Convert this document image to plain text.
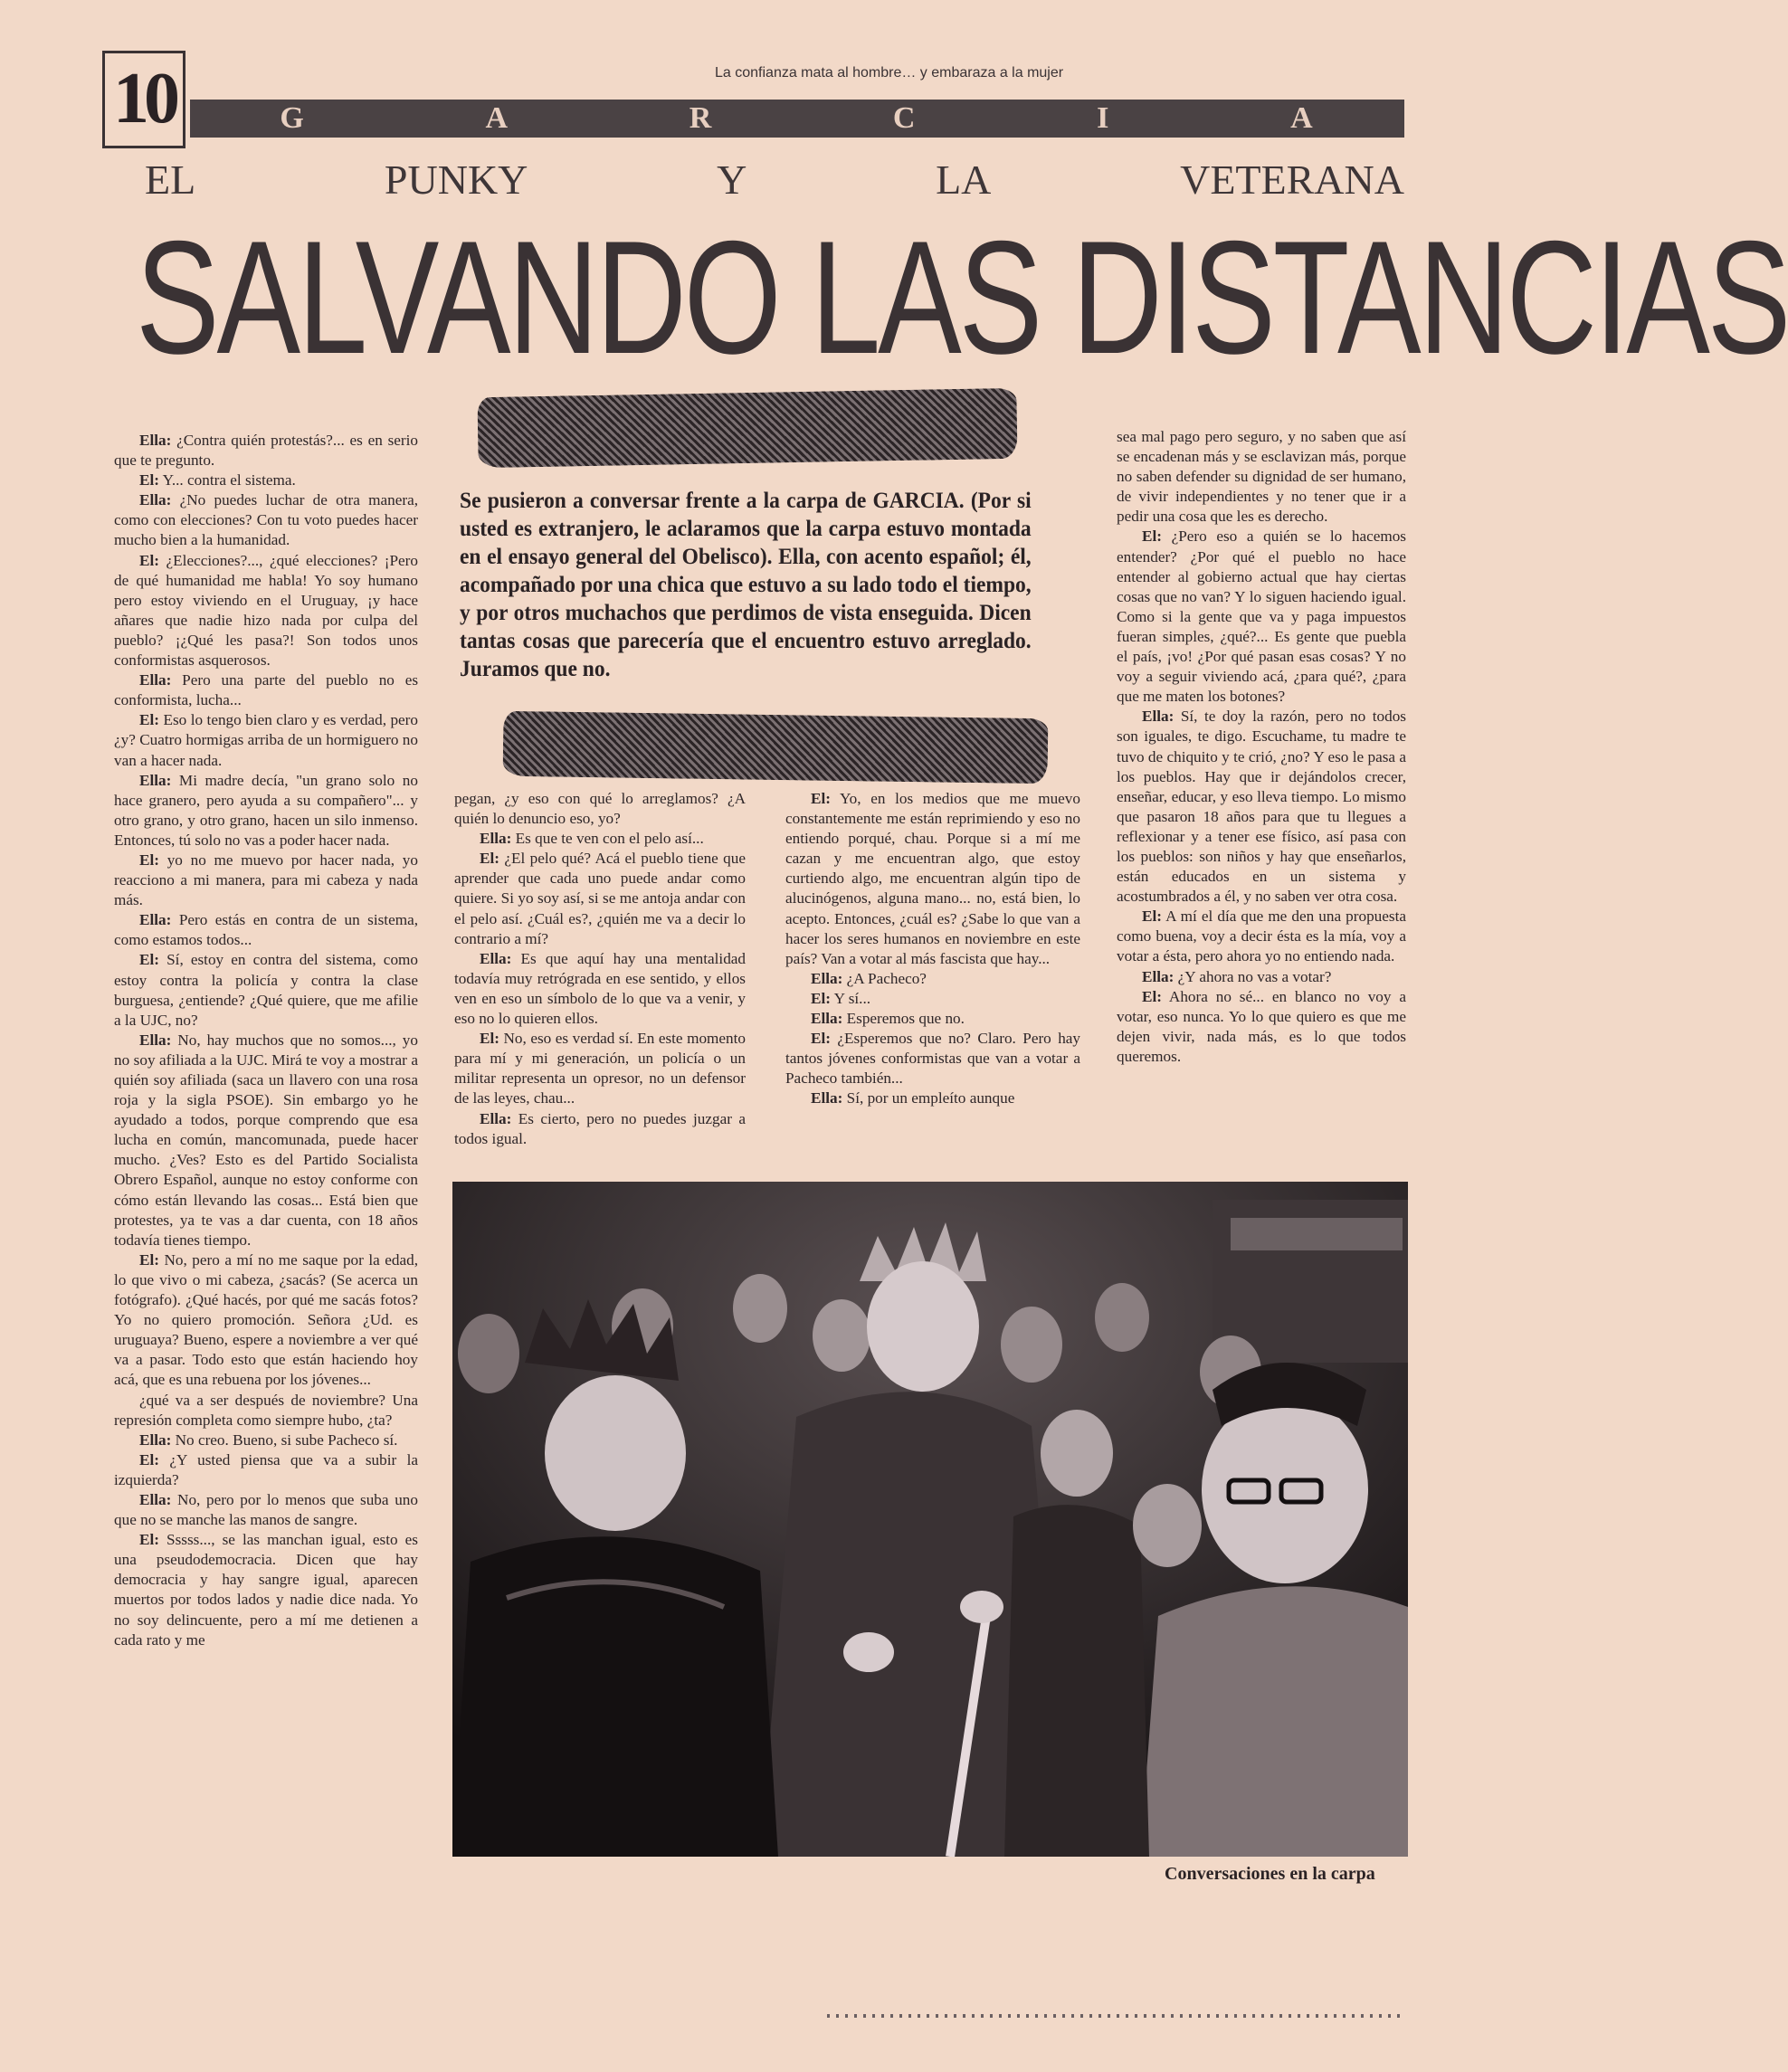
10	La confianza mata al hombre… y embaraza a la mujer
G	A	R	C	I	A
EL	PUNKY	Y	LA	VETERANA
SALVANDO LAS DISTANCIAS
Se pusieron a conversar frente a la carpa de GARCIA. (Por si usted es extranjero, le aclaramos que la carpa estuvo montada en el ensayo general del Obelisco). Ella, con acento español; él, acompañado por una chica que estuvo a su lado todo el tiempo, y por otros muchachos que perdimos de vista enseguida. Dicen tantas cosas que parecería que el encuentro estuvo arreglado. Juramos que no.

Ella: ¿Contra quién protestás?... es en serio que te pregunto.

El: Y... contra el sistema.

Ella: ¿No puedes luchar de otra manera, como con elecciones? Con tu voto puedes hacer mucho bien a la humanidad.

El: ¿Elecciones?..., ¿qué elecciones? ¡Pero de qué humanidad me habla! Yo soy humano pero estoy viviendo en el Uruguay, ¡y hace añares que nadie hizo nada por culpa del pueblo? ¡¿Qué les pasa?! Son todos unos conformistas asquerosos.

Ella: Pero una parte del pueblo no es conformista, lucha...

El: Eso lo tengo bien claro y es verdad, pero ¿y? Cuatro hormigas arriba de un hormiguero no van a hacer nada.

Ella: Mi madre decía, "un grano solo no hace granero, pero ayuda a su compañero"... y otro grano, y otro grano, hacen un silo inmenso. Entonces, tú solo no vas a poder hacer nada.

El: yo no me muevo por hacer nada, yo reacciono a mi manera, para mi cabeza y nada más.

Ella: Pero estás en contra de un sistema, como estamos todos...

El: Sí, estoy en contra del sistema, como estoy contra la policía y contra la clase burguesa, ¿entiende? ¿Qué quiere, que me afilie a la UJC, no?

Ella: No, hay muchos que no somos..., yo no soy afiliada a la UJC. Mirá te voy a mostrar a quién soy afiliada (saca un llavero con una rosa roja y la sigla PSOE). Sin embargo yo he ayudado a todos, porque comprendo que esa lucha en común, mancomunada, puede hacer mucho. ¿Ves? Esto es del Partido Socialista Obrero Español, aunque no estoy conforme con cómo están llevando las cosas... Está bien que protestes, ya te vas a dar cuenta, con 18 años todavía tienes tiempo.

El: No, pero a mí no me saque por la edad, lo que vivo o mi cabeza, ¿sacás? (Se acerca un fotógrafo). ¿Qué hacés, por qué me sacás fotos? Yo no quiero promoción. Señora ¿Ud. es uruguaya? Bueno, espere a noviembre a ver qué va a pasar. Todo esto que están haciendo hoy acá, que es una rebuena por los jóvenes...

¿qué va a ser después de noviembre? Una represión completa como siempre hubo, ¿ta?

Ella: No creo. Bueno, si sube Pacheco sí.

El: ¿Y usted piensa que va a subir la izquierda?

Ella: No, pero por lo menos que suba uno que no se manche las manos de sangre.

El: Sssss..., se las manchan igual, esto es una pseudodemocracia. Dicen que hay democracia y hay sangre igual, aparecen muertos por todos lados y nadie dice nada. Yo no soy delincuente, pero a mí me detienen a cada rato y me

pegan, ¿y eso con qué lo arreglamos? ¿A quién lo denuncio eso, yo?

Ella: Es que te ven con el pelo así...

El: ¿El pelo qué? Acá el pueblo tiene que aprender que cada uno puede andar como quiere. Si yo soy así, si se me antoja andar con el pelo así. ¿Cuál es?, ¿quién me va a decir lo contrario a mí?

Ella: Es que aquí hay una mentalidad todavía muy retrógrada en ese sentido, y ellos ven en eso un símbolo de lo que va a venir, y eso no lo quieren ellos.

El: No, eso es verdad sí. En este momento para mí y mi generación, un policía o un militar representa un opresor, no un defensor de las leyes, chau...

Ella: Es cierto, pero no puedes juzgar a todos igual.

El: Yo, en los medios que me muevo constantemente me están reprimiendo y eso no entiendo porqué, chau. Porque si a mí me cazan y me encuentran algo, que estoy curtiendo algo, me encuentran algún tipo de alucinógenos, alguna mano... no, está bien, lo acepto. Entonces, ¿cuál es? ¿Sabe lo que van a hacer los seres humanos en noviembre en este país? Van a votar al más fascista que hay...

Ella: ¿A Pacheco?

El: Y sí...

Ella: Esperemos que no.

El: ¿Esperemos que no? Claro. Pero hay tantos jóvenes conformistas que van a votar a Pacheco también...

Ella: Sí, por un empleíto aunque

sea mal pago pero seguro, y no saben que así se encadenan más y se esclavizan más, porque no saben defender su dignidad de ser humano, de vivir independientes y no tener que ir a pedir una cosa que les es derecho.

El: ¿Pero eso a quién se lo hacemos entender? ¿Por qué el pueblo no hace entender al gobierno actual que hay ciertas cosas que no van? Y lo siguen haciendo igual. Como si la gente que va y paga impuestos fueran simples, ¿qué?... Es gente que puebla el país, ¡vo! ¿Por qué pasan esas cosas? Y no voy a seguir viviendo acá, ¿para qué?, ¿para que me maten los botones?

Ella: Sí, te doy la razón, pero no todos son iguales, te digo. Escuchame, tu madre te tuvo de chiquito y te crió, ¿no? Y eso le pasa a los pueblos. Hay que ir dejándolos crecer, enseñar, educar, y eso lleva tiempo. Lo mismo que pasaron 18 años para que tu llegues a reflexionar y a tener ese físico, así pasa con los pueblos: son niños y hay que enseñarlos, están educados en un sistema y acostumbrados a él, y no saben ver otra cosa.

El: A mí el día que me den una propuesta como buena, voy a decir ésta es la mía, voy a votar a ésta, pero ahora yo no entiendo nada.

Ella: ¿Y ahora no vas a votar?

El: Ahora no sé... en blanco no voy a votar, eso nunca. Yo lo que quiero es que me dejen vivir, nada más, es lo que todos queremos.

Conversaciones en la carpa
